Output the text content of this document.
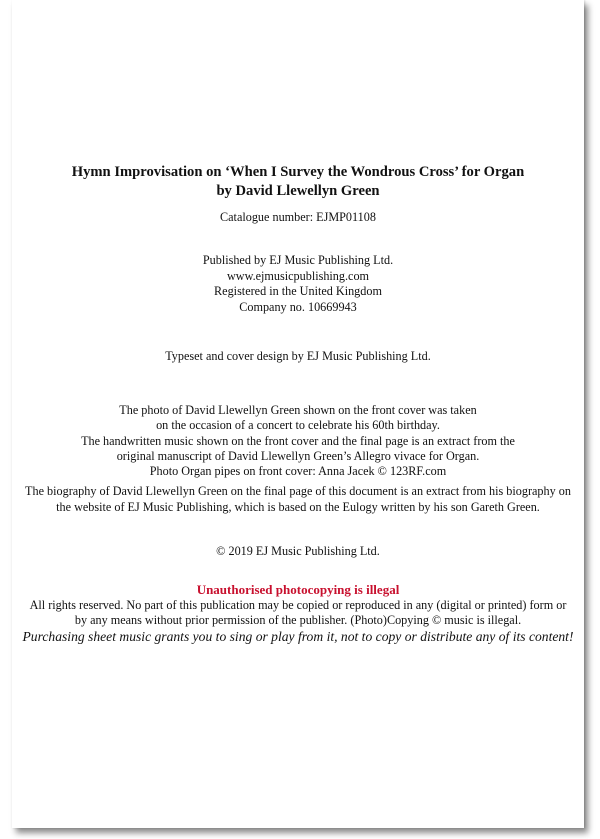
Hymn Improvisation on ‘When I Survey the Wondrous Cross’ for Organ
by David Llewellyn Green
Catalogue number: EJMP01108
Published by EJ Music Publishing Ltd.
www.ejmusicpublishing.com
Registered in the United Kingdom
Company no. 10669943
Typeset and cover design by EJ Music Publishing Ltd.
The photo of David Llewellyn Green shown on the front cover was taken
on the occasion of a concert to celebrate his 60th birthday.
The handwritten music shown on the front cover and the final page is an extract from the
original manuscript of David Llewellyn Green’s Allegro vivace for Organ.
Photo Organ pipes on front cover: Anna Jacek © 123RF.com
The biography of David Llewellyn Green on the final page of this document is an extract from his biography on
the website of EJ Music Publishing, which is based on the Eulogy written by his son Gareth Green.
© 2019 EJ Music Publishing Ltd.
Unauthorised photocopying is illegal
All rights reserved. No part of this publication may be copied or reproduced in any (digital or printed) form or
by any means without prior permission of the publisher. (Photo)Copying © music is illegal.
Purchasing sheet music grants you to sing or play from it, not to copy or distribute any of its content!
